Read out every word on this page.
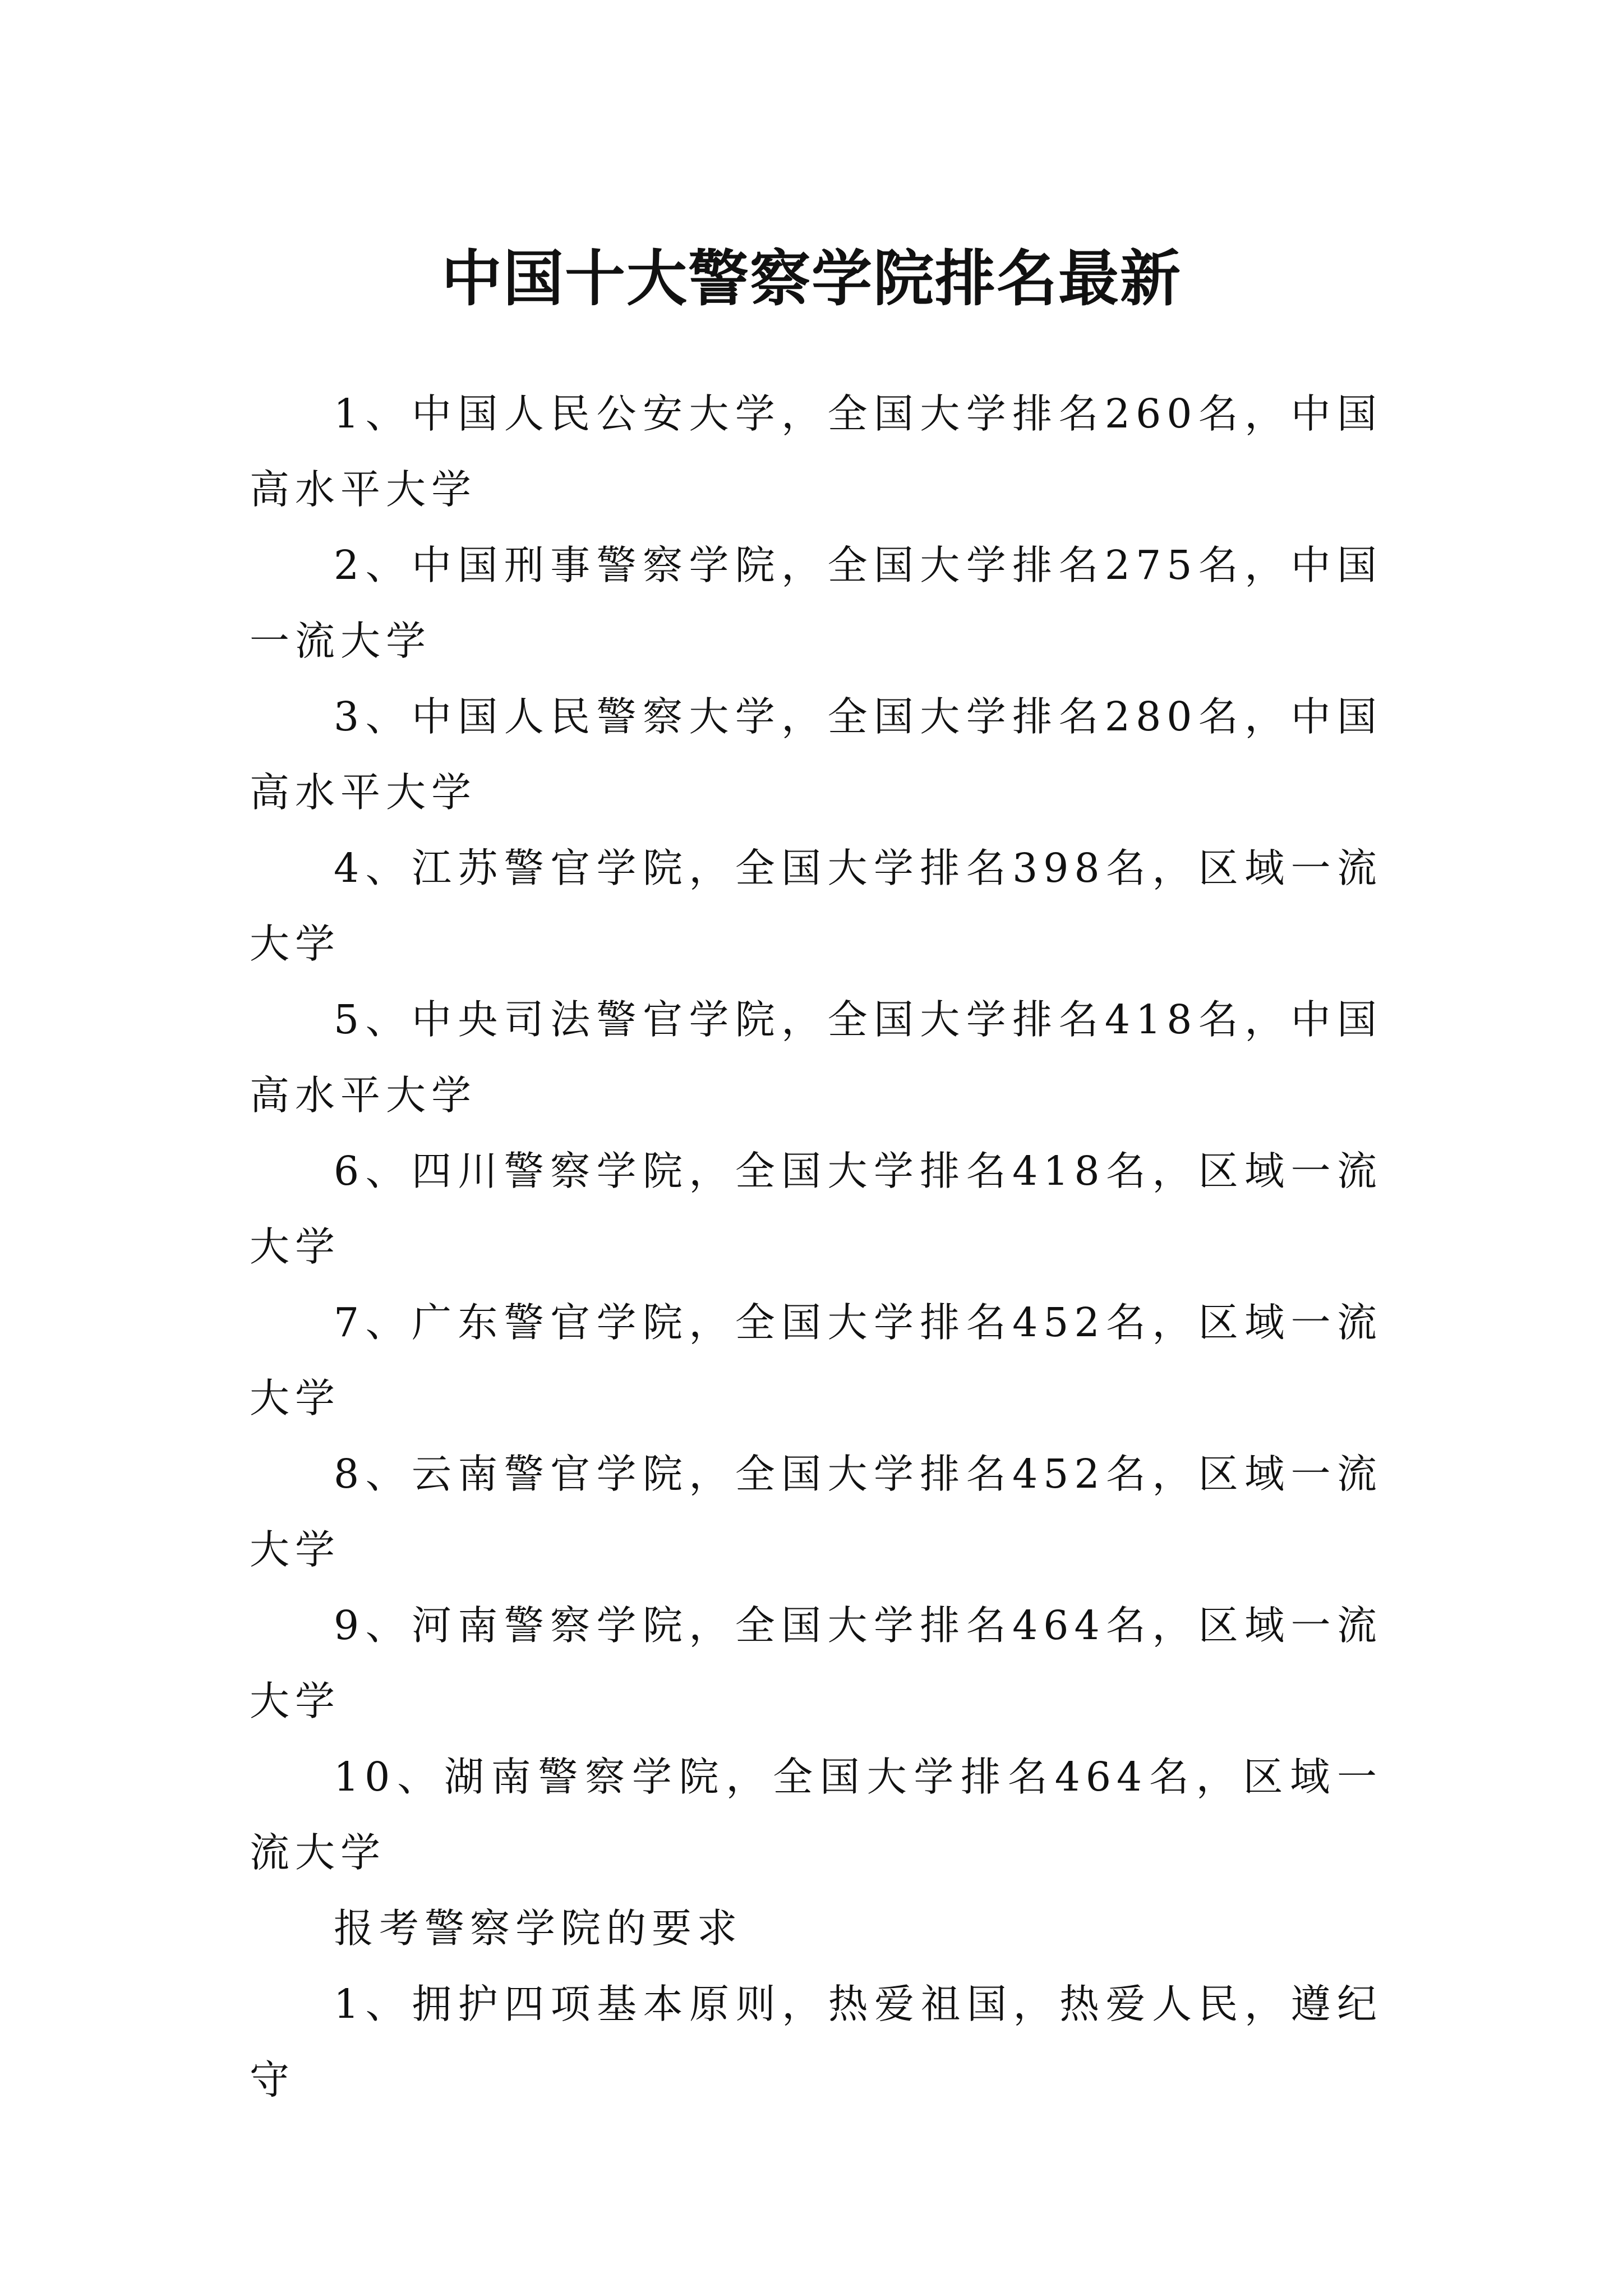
中国十大警察学院排名最新

1、中国人民公安大学，全国大学排名260名，中国高水平大学

2、中国刑事警察学院，全国大学排名275名，中国一流大学

3、中国人民警察大学，全国大学排名280名，中国高水平大学

4、江苏警官学院，全国大学排名398名，区域一流大学

5、中央司法警官学院，全国大学排名418名，中国高水平大学

6、四川警察学院，全国大学排名418名，区域一流大学

7、广东警官学院，全国大学排名452名，区域一流大学

8、云南警官学院，全国大学排名452名，区域一流大学

9、河南警察学院，全国大学排名464名，区域一流大学

10、湖南警察学院，全国大学排名464名，区域一流大学

报考警察学院的要求

1、拥护四项基本原则，热爱祖国，热爱人民，遵纪守
